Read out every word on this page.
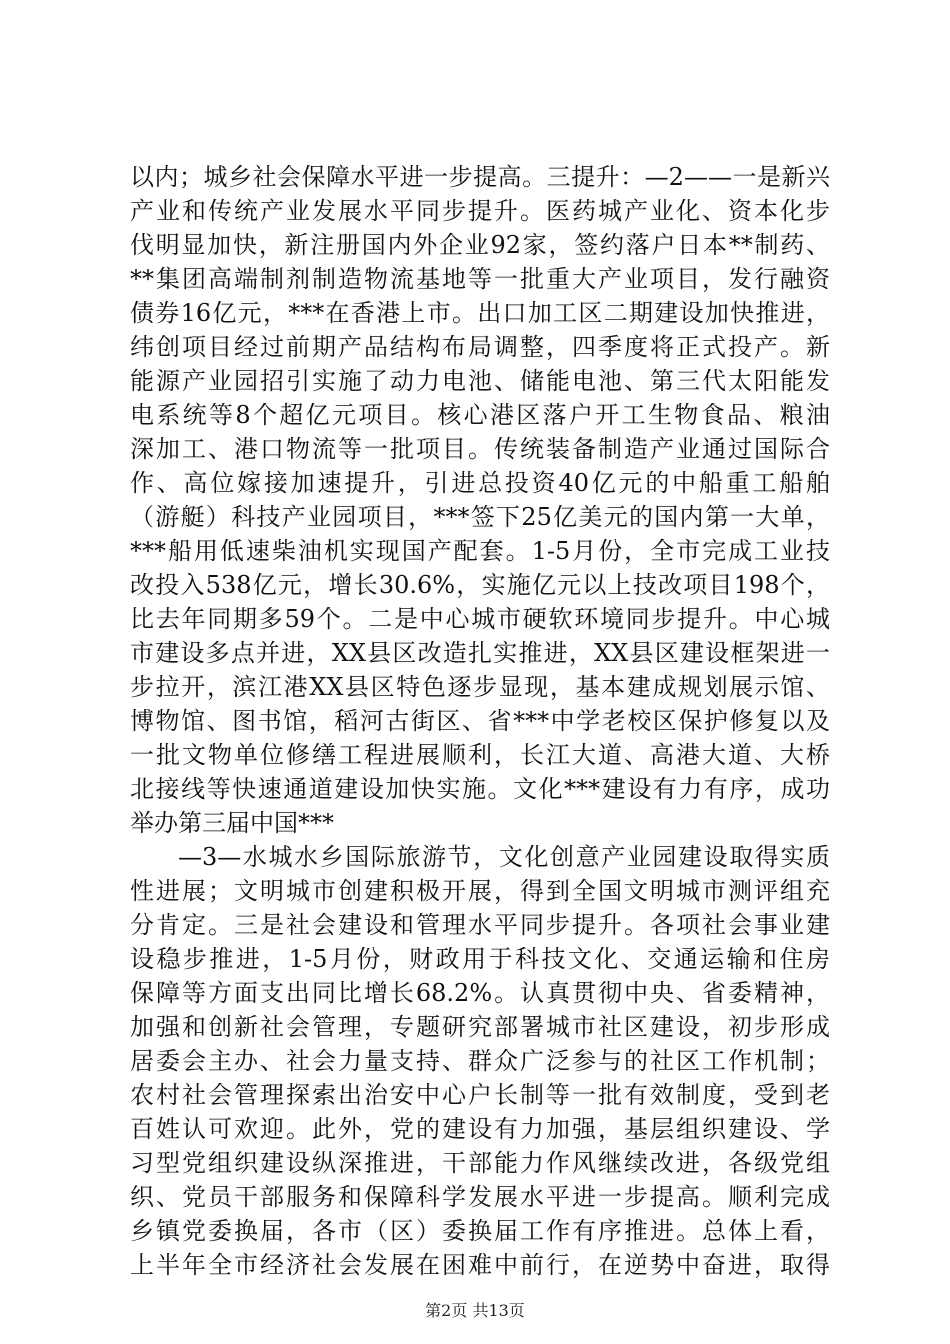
以内；城乡社会保障水平进一步提高。三提升：—2——一是新兴
产业和传统产业发展水平同步提升。医药城产业化、资本化步
伐明显加快，新注册国内外企业92家，签约落户日本**制药、
**集团高端制剂制造物流基地等一批重大产业项目，发行融资
债券16亿元，***在香港上市。出口加工区二期建设加快推进，
纬创项目经过前期产品结构布局调整，四季度将正式投产。新
能源产业园招引实施了动力电池、储能电池、第三代太阳能发
电系统等8个超亿元项目。核心港区落户开工生物食品、粮油
深加工、港口物流等一批项目。传统装备制造产业通过国际合
作、高位嫁接加速提升，引进总投资40亿元的中船重工船舶
（游艇）科技产业园项目，***签下25亿美元的国内第一大单，
***船用低速柴油机实现国产配套。1-5月份，全市完成工业技
改投入538亿元，增长30.6%，实施亿元以上技改项目198个，
比去年同期多59个。二是中心城市硬软环境同步提升。中心城
市建设多点并进，XX县区改造扎实推进，XX县区建设框架进一
步拉开，滨江港XX县区特色逐步显现，基本建成规划展示馆、
博物馆、图书馆，稻河古街区、省***中学老校区保护修复以及
一批文物单位修缮工程进展顺利，长江大道、高港大道、大桥
北接线等快速通道建设加快实施。文化***建设有力有序，成功
举办第三届中国***
—3—水城水乡国际旅游节，文化创意产业园建设取得实质
性进展；文明城市创建积极开展，得到全国文明城市测评组充
分肯定。三是社会建设和管理水平同步提升。各项社会事业建
设稳步推进，1-5月份，财政用于科技文化、交通运输和住房
保障等方面支出同比增长68.2%。认真贯彻中央、省委精神，
加强和创新社会管理，专题研究部署城市社区建设，初步形成
居委会主办、社会力量支持、群众广泛参与的社区工作机制；
农村社会管理探索出治安中心户长制等一批有效制度，受到老
百姓认可欢迎。此外，党的建设有力加强，基层组织建设、学
习型党组织建设纵深推进，干部能力作风继续改进，各级党组
织、党员干部服务和保障科学发展水平进一步提高。顺利完成
乡镇党委换届，各市（区）委换届工作有序推进。总体上看，
上半年全市经济社会发展在困难中前行，在逆势中奋进，取得
第2页 共13页
